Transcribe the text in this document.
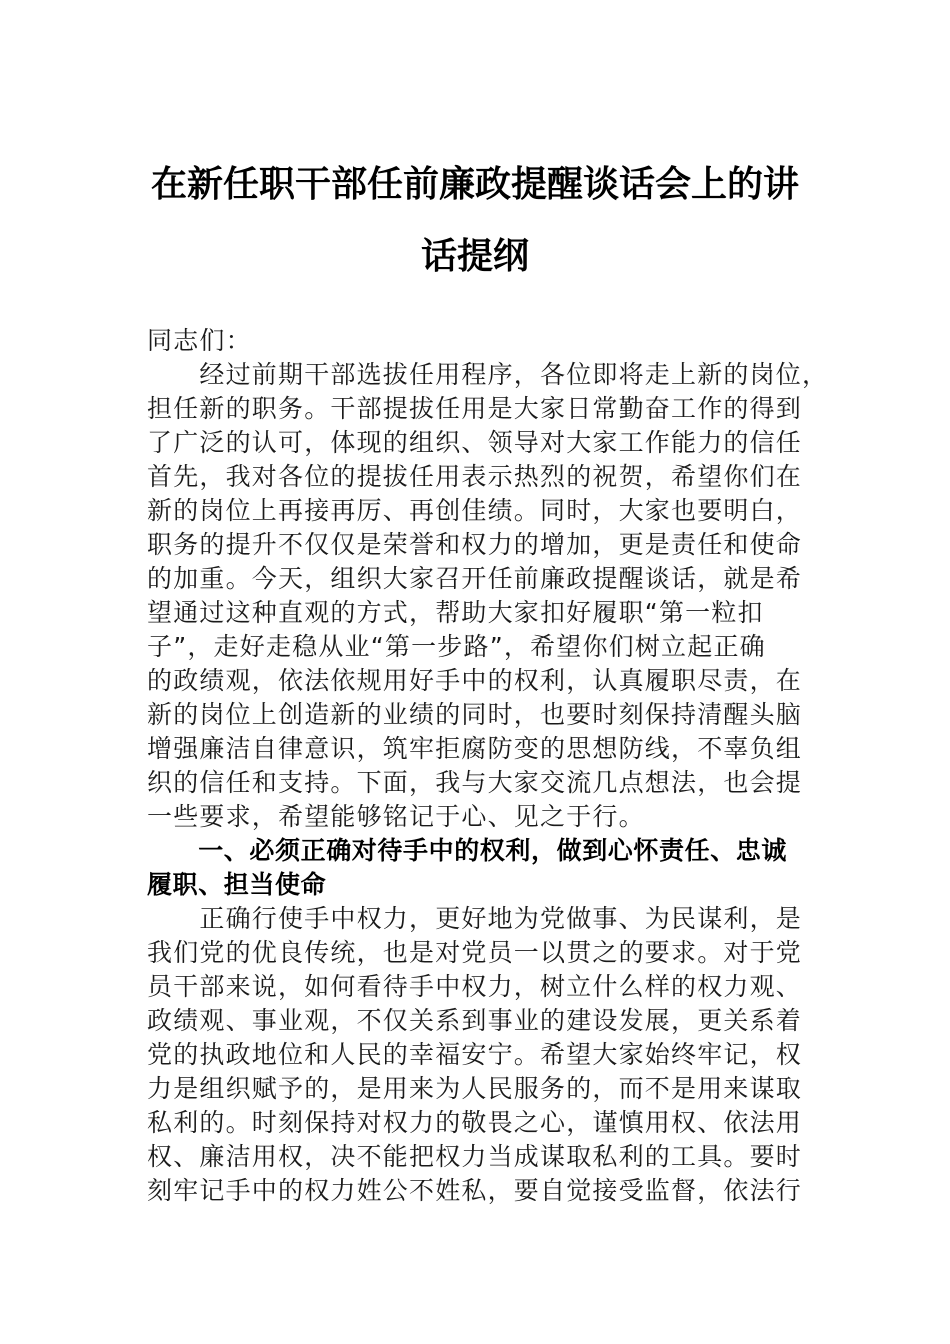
在新任职干部任前廉政提醒谈话会上的讲
话提纲
同志们：
　　经过前期干部选拔任用程序，各位即将走上新的岗位，
担任新的职务。干部提拔任用是大家日常勤奋工作的得到
了广泛的认可，体现的组织、领导对大家工作能力的信任
首先，我对各位的提拔任用表示热烈的祝贺，希望你们在
新的岗位上再接再厉、再创佳绩。同时，大家也要明白，
职务的提升不仅仅是荣誉和权力的增加，更是责任和使命
的加重。今天，组织大家召开任前廉政提醒谈话，就是希
望通过这种直观的方式，帮助大家扣好履职“第一粒扣
子”，走好走稳从业“第一步路”，希望你们树立起正确
的政绩观，依法依规用好手中的权利，认真履职尽责，在
新的岗位上创造新的业绩的同时，也要时刻保持清醒头脑
增强廉洁自律意识，筑牢拒腐防变的思想防线，不辜负组
织的信任和支持。下面，我与大家交流几点想法，也会提
一些要求，希望能够铭记于心、见之于行。
　　一、必须正确对待手中的权利，做到心怀责任、忠诚
履职、担当使命
　　正确行使手中权力，更好地为党做事、为民谋利，是
我们党的优良传统，也是对党员一以贯之的要求。对于党
员干部来说，如何看待手中权力，树立什么样的权力观、
政绩观、事业观，不仅关系到事业的建设发展，更关系着
党的执政地位和人民的幸福安宁。希望大家始终牢记，权
力是组织赋予的，是用来为人民服务的，而不是用来谋取
私利的。时刻保持对权力的敬畏之心，谨慎用权、依法用
权、廉洁用权，决不能把权力当成谋取私利的工具。要时
刻牢记手中的权力姓公不姓私，要自觉接受监督，依法行
